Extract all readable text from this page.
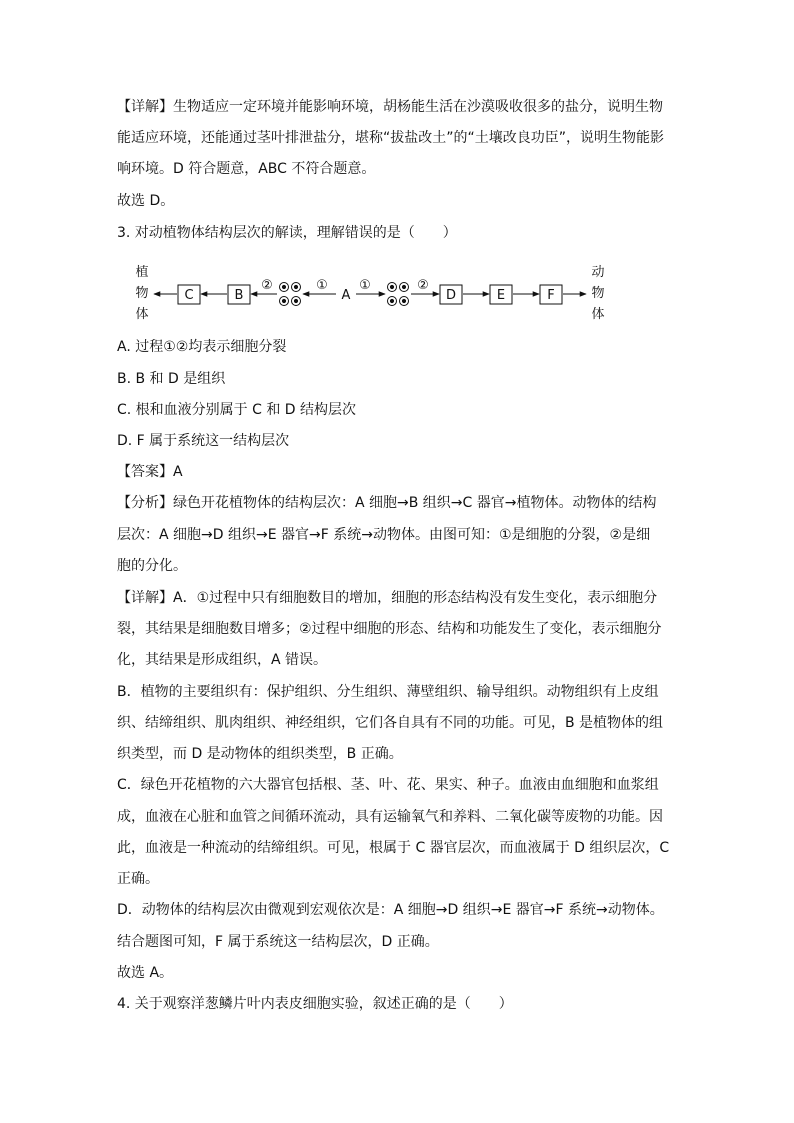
【详解】生物适应一定环境并能影响环境，胡杨能生活在沙漠吸收很多的盐分，说明生物
能适应环境，还能通过茎叶排泄盐分，堪称“拔盐改土”的“土壤改良功臣”，说明生物能影
响环境。D 符合题意，ABC 不符合题意。
故选 D。
3. 对动植物体结构层次的解读，理解错误的是（　　）
A. 过程①②均表示细胞分裂
B. B 和 D 是组织
C. 根和血液分别属于 C 和 D 结构层次
D. F 属于系统这一结构层次
【答案】A
【分析】绿色开花植物体的结构层次：A 细胞→B 组织→C 器官→植物体。动物体的结构
层次：A 细胞→D 组织→E 器官→F 系统→动物体。由图可知：①是细胞的分裂，②是细
胞的分化。
【详解】A．①过程中只有细胞数目的增加，细胞的形态结构没有发生变化，表示细胞分
裂，其结果是细胞数目增多；②过程中细胞的形态、结构和功能发生了变化，表示细胞分
化，其结果是形成组织，A 错误。
B．植物的主要组织有：保护组织、分生组织、薄壁组织、输导组织。动物组织有上皮组
织、结缔组织、肌肉组织、神经组织，它们各自具有不同的功能。可见，B 是植物体的组
织类型，而 D 是动物体的组织类型，B 正确。
C．绿色开花植物的六大器官包括根、茎、叶、花、果实、种子。血液由血细胞和血浆组
成，血液在心脏和血管之间循环流动，具有运输氧气和养料、二氧化碳等废物的功能。因
此，血液是一种流动的结缔组织。可见，根属于 C 器官层次，而血液属于 D 组织层次，C
正确。
D．动物体的结构层次由微观到宏观依次是：A 细胞→D 组织→E 器官→F 系统→动物体。
结合题图可知，F 属于系统这一结构层次，D 正确。
故选 A。
4. 关于观察洋葱鳞片叶内表皮细胞实验，叙述正确的是（　　）
植
物
体
动
物
体
C	B	D	E	F
A
②	① ①	②
